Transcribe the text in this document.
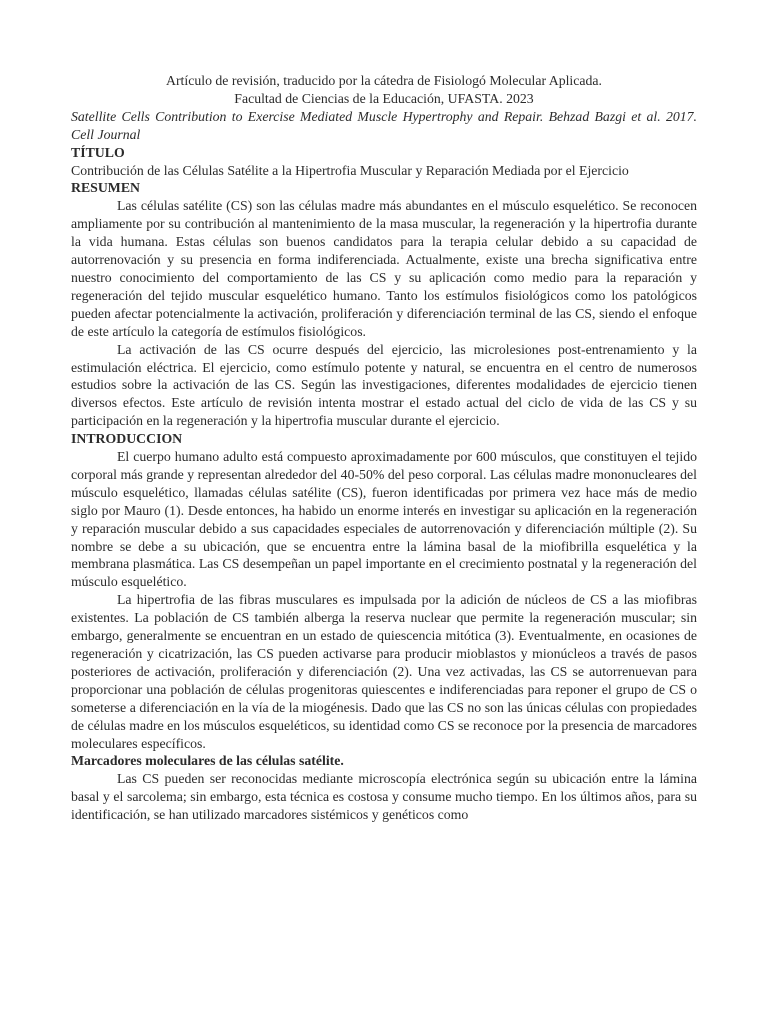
Artículo de revisión, traducido por la cátedra de Fisiologó Molecular Aplicada.

Facultad de Ciencias de la Educación, UFASTA. 2023

Satellite Cells Contribution to Exercise Mediated Muscle Hypertrophy and Repair. Behzad Bazgi et al. 2017. Cell Journal

TÍTULO

Contribución de las Células Satélite a la Hipertrofia Muscular y Reparación Mediada por el Ejercicio

RESUMEN

Las células satélite (CS) son las células madre más abundantes en el músculo esquelético. Se reconocen ampliamente por su contribución al mantenimiento de la masa muscular, la regeneración y la hipertrofia durante la vida humana. Estas células son buenos candidatos para la terapia celular debido a su capacidad de autorrenovación y su presencia en forma indiferenciada. Actualmente, existe una brecha significativa entre nuestro conocimiento del comportamiento de las CS y su aplicación como medio para la reparación y regeneración del tejido muscular esquelético humano. Tanto los estímulos fisiológicos como los patológicos pueden afectar potencialmente la activación, proliferación y diferenciación terminal de las CS, siendo el enfoque de este artículo la categoría de estímulos fisiológicos.

La activación de las CS ocurre después del ejercicio, las microlesiones post-entrenamiento y la estimulación eléctrica. El ejercicio, como estímulo potente y natural, se encuentra en el centro de numerosos estudios sobre la activación de las CS. Según las investigaciones, diferentes modalidades de ejercicio tienen diversos efectos. Este artículo de revisión intenta mostrar el estado actual del ciclo de vida de las CS y su participación en la regeneración y la hipertrofia muscular durante el ejercicio.

INTRODUCCION

El cuerpo humano adulto está compuesto aproximadamente por 600 músculos, que constituyen el tejido corporal más grande y representan alrededor del 40-50% del peso corporal. Las células madre mononucleares del músculo esquelético, llamadas células satélite (CS), fueron identificadas por primera vez hace más de medio siglo por Mauro (1). Desde entonces, ha habido un enorme interés en investigar su aplicación en la regeneración y reparación muscular debido a sus capacidades especiales de autorrenovación y diferenciación múltiple (2). Su nombre se debe a su ubicación, que se encuentra entre la lámina basal de la miofibrilla esquelética y la membrana plasmática. Las CS desempeñan un papel importante en el crecimiento postnatal y la regeneración del músculo esquelético.

La hipertrofia de las fibras musculares es impulsada por la adición de núcleos de CS a las miofibras existentes. La población de CS también alberga la reserva nuclear que permite la regeneración muscular; sin embargo, generalmente se encuentran en un estado de quiescencia mitótica (3). Eventualmente, en ocasiones de regeneración y cicatrización, las CS pueden activarse para producir mioblastos y mionúcleos a través de pasos posteriores de activación, proliferación y diferenciación (2). Una vez activadas, las CS se autorrenuevan para proporcionar una población de células progenitoras quiescentes e indiferenciadas para reponer el grupo de CS o someterse a diferenciación en la vía de la miogénesis. Dado que las CS no son las únicas células con propiedades de células madre en los músculos esqueléticos, su identidad como CS se reconoce por la presencia de marcadores moleculares específicos.

Marcadores moleculares de las células satélite.

Las CS pueden ser reconocidas mediante microscopía electrónica según su ubicación entre la lámina basal y el sarcolema; sin embargo, esta técnica es costosa y consume mucho tiempo. En los últimos años, para su identificación, se han utilizado marcadores sistémicos y genéticos como
